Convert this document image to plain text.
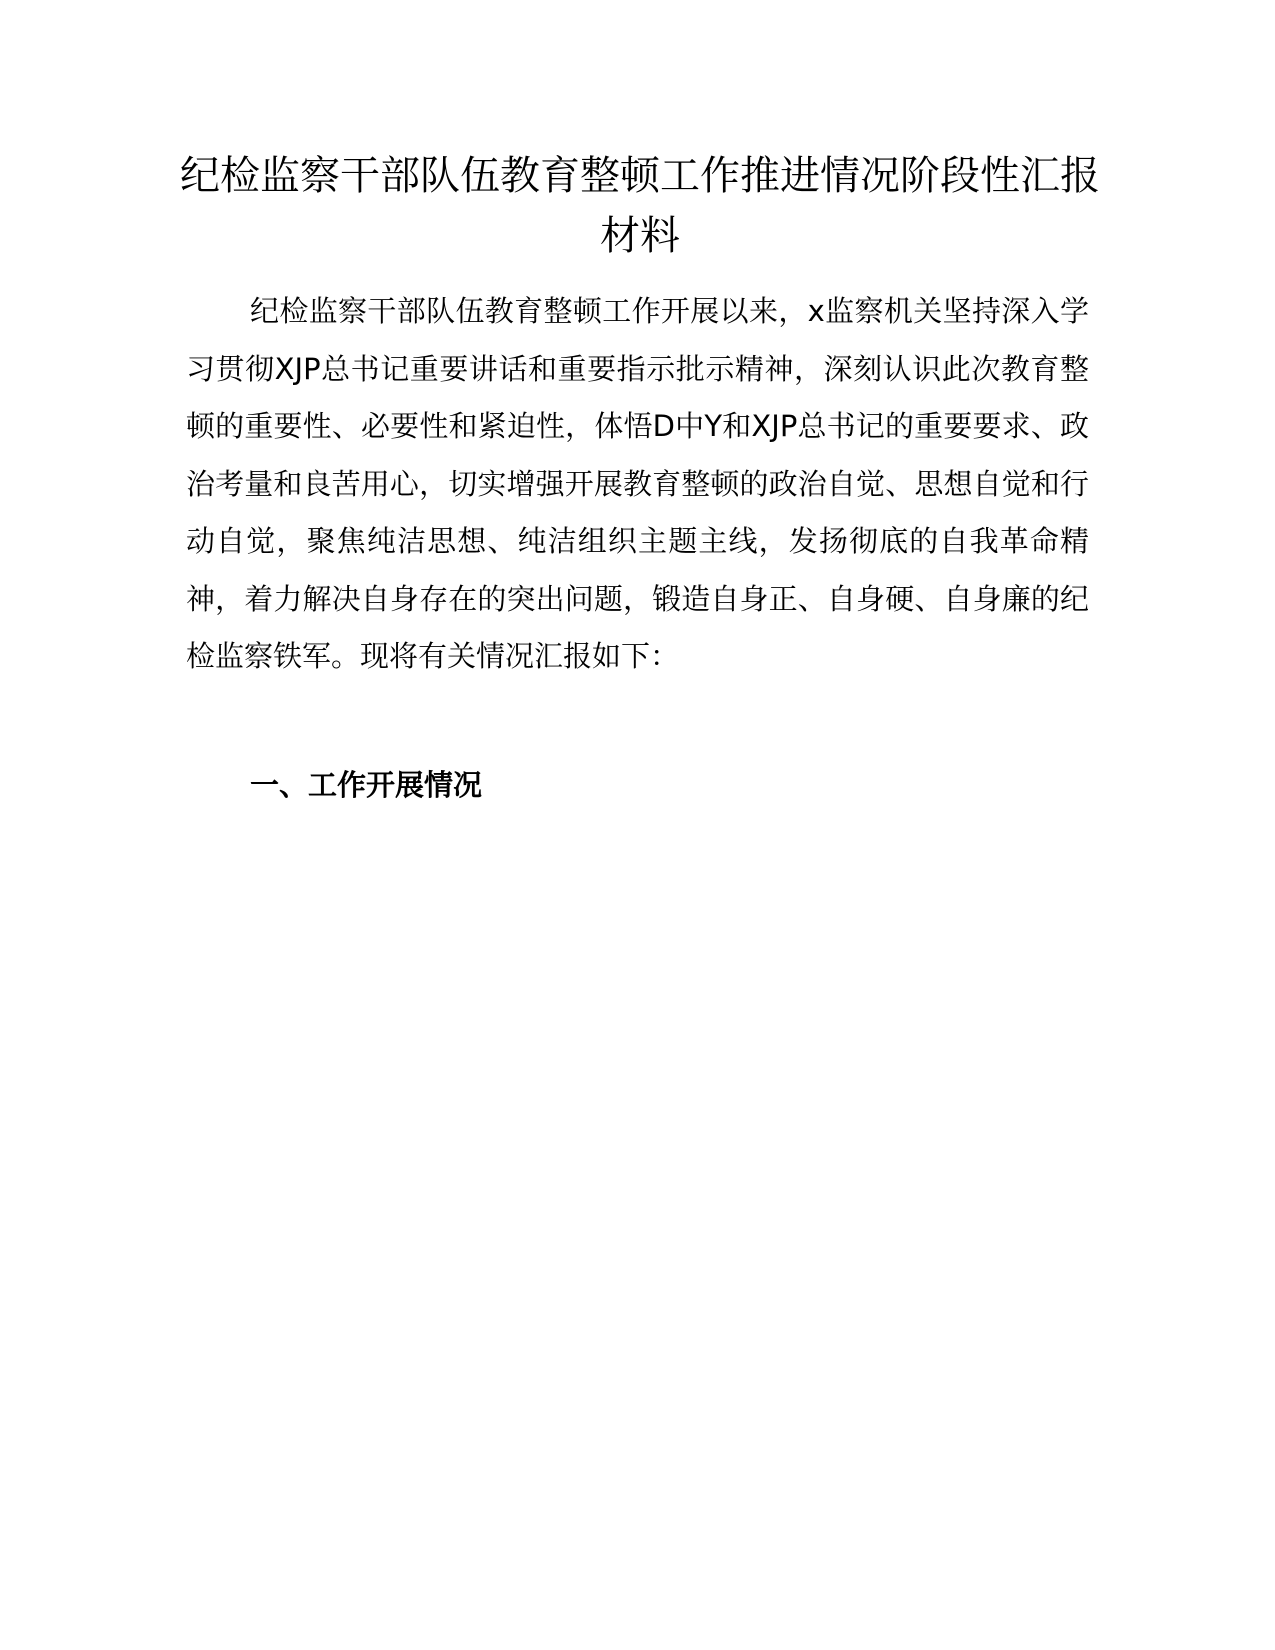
纪检监察干部队伍教育整顿工作推进情况阶段性汇报材料

纪检监察干部队伍教育整顿工作开展以来，x监察机关坚持深入学习贯彻XJP总书记重要讲话和重要指示批示精神，深刻认识此次教育整顿的重要性、必要性和紧迫性，体悟D中Y和XJP总书记的重要要求、政治考量和良苦用心，切实增强开展教育整顿的政治自觉、思想自觉和行动自觉，聚焦纯洁思想、纯洁组织主题主线，发扬彻底的自我革命精神，着力解决自身存在的突出问题，锻造自身正、自身硬、自身廉的纪检监察铁军。现将有关情况汇报如下：

一、工作开展情况
